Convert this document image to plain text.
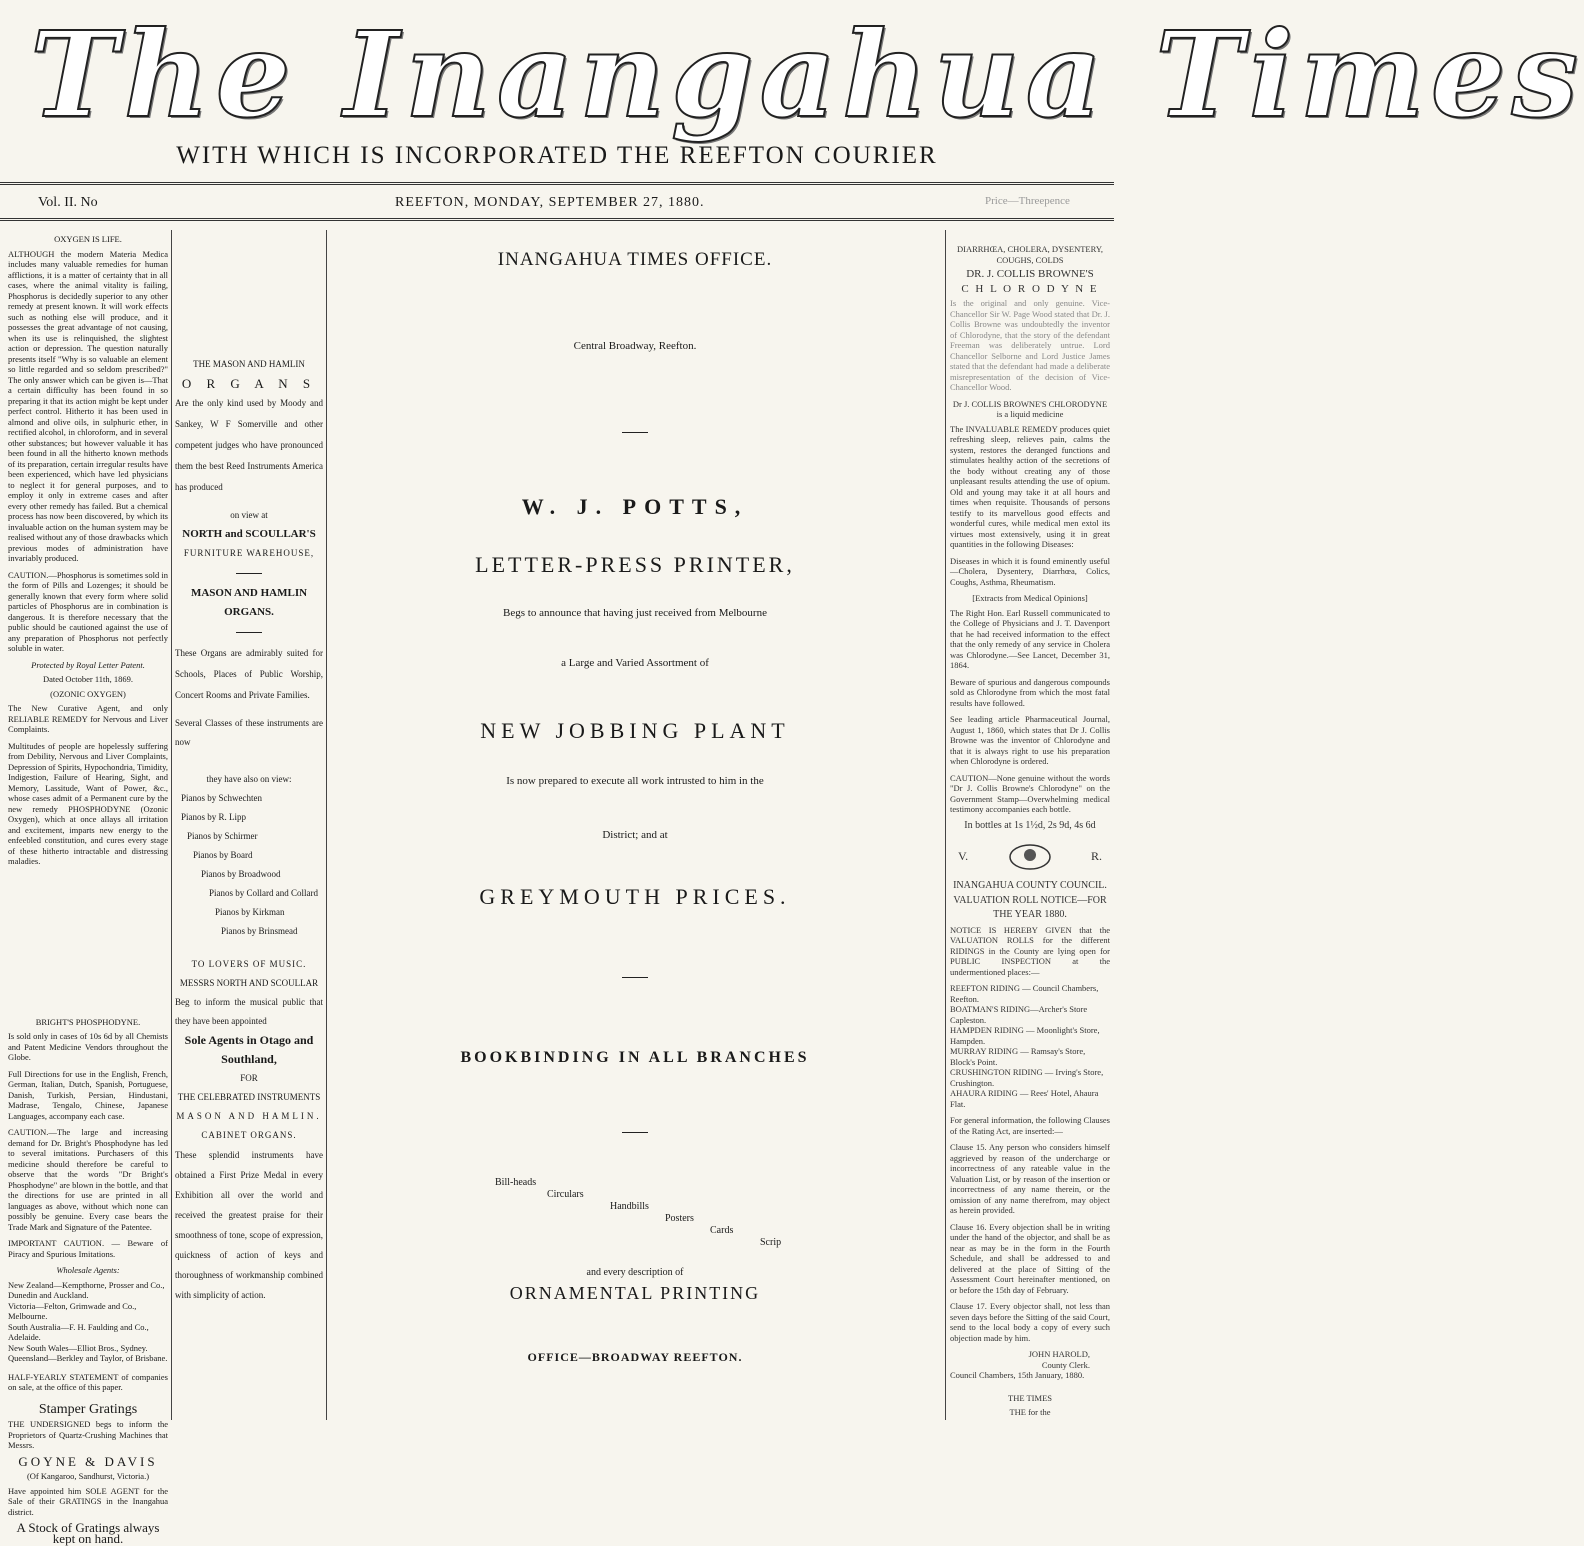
The Inangahua Times
WITH WHICH IS INCORPORATED THE REEFTON COURIER
Vol. II. No	REEFTON, MONDAY, SEPTEMBER 27, 1880.	Price—Threepence
OXYGEN IS LIFE.

ALTHOUGH the modern Materia Medica includes many valuable remedies for human afflictions, it is a matter of certainty that in all cases, where the animal vitality is failing, Phosphorus is decidedly superior to any other remedy at present known. It will work effects such as nothing else will produce, and it possesses the great advantage of not causing, when its use is relinquished, the slightest action or depression. The question naturally presents itself "Why is so valuable an element so little regarded and so seldom prescribed?" The only answer which can be given is—That a certain difficulty has been found in so preparing it that its action might be kept under perfect control. Hitherto it has been used in almond and olive oils, in sulphuric ether, in rectified alcohol, in chloroform, and in several other substances; but however valuable it has been found in all the hitherto known methods of its preparation, certain irregular results have been experienced, which have led physicians to neglect it for general purposes, and to employ it only in extreme cases and after every other remedy has failed. But a chemical process has now been discovered, by which its invaluable action on the human system may be realised without any of those drawbacks which previous modes of administration have invariably produced.

CAUTION.—Phosphorus is sometimes sold in the form of Pills and Lozenges; it should be generally known that every form where solid particles of Phosphorus are in combination is dangerous. It is therefore necessary that the public should be cautioned against the use of any preparation of Phosphorus not perfectly soluble in water.

Protected by Royal Letter Patent.
Dated October 11th, 1869.
(OZONIC OXYGEN)

The New Curative Agent, and only RELIABLE REMEDY for Nervous and Liver Complaints.

Multitudes of people are hopelessly suffering from Debility, Nervous and Liver Complaints, Depression of Spirits, Hypochondria, Timidity, Indigestion, Failure of Hearing, Sight, and Memory, Lassitude, Want of Power, &c., whose cases admit of a Permanent cure by the new remedy PHOSPHODYNE (Ozonic Oxygen), which at once allays all irritation and excitement, imparts new energy to the enfeebled constitution, and cures every stage of these hitherto intractable and distressing maladies.

BRIGHT'S PHOSPHODYNE.

Is sold only in cases of 10s 6d by all Chemists and Patent Medicine Vendors throughout the Globe.

Full Directions for use in the English, French, German, Italian, Dutch, Spanish, Portuguese, Danish, Turkish, Persian, Hindustani, Madrase, Tengalo, Chinese, Japanese Languages, accompany each case.

CAUTION.—The large and increasing demand for Dr. Bright's Phosphodyne has led to several imitations. Purchasers of this medicine should therefore be careful to observe that the words "Dr Bright's Phosphodyne" are blown in the bottle, and that the directions for use are printed in all languages as above, without which none can possibly be genuine. Every case bears the Trade Mark and Signature of the Patentee.

IMPORTANT CAUTION. — Beware of Piracy and Spurious Imitations.

Wholesale Agents:
New Zealand—Kempthorne, Prosser and Co., Dunedin and Auckland.
Victoria—Felton, Grimwade and Co., Melbourne.
South Australia—F. H. Faulding and Co., Adelaide.
New South Wales—Elliot Bros., Sydney.
Queensland—Berkley and Taylor, of Brisbane.

HALF-YEARLY STATEMENT of companies on sale, at the office of this paper.

Stamper Gratings

THE UNDERSIGNED begs to inform the Proprietors of Quartz-Crushing Machines that Messrs.

GOYNE & DAVIS
(Of Kangaroo, Sandhurst, Victoria.)

Have appointed him SOLE AGENT for the Sale of their GRATINGS in the Inangahua district.

A Stock of Gratings always kept on hand.
THE MASON AND HAMLIN
O R G A N S
Are the only kind used by Moody and Sankey, W F Somerville and other competent judges who have pronounced them the best Reed Instruments America has produced
on view at
NORTH and SCOULLAR'S
FURNITURE WAREHOUSE,
MASON AND HAMLIN
ORGANS.
These Organs are admirably suited for Schools, Places of Public Worship, Concert Rooms and Private Families.
Several Classes of these instruments are now
they have also on view:
Pianos by Schwechten
Pianos by R. Lipp
Pianos by Schirmer
Pianos by Board
Pianos by Broadwood
Pianos by Collard and Collard
Pianos by Kirkman
Pianos by Brinsmead
TO LOVERS OF MUSIC.
MESSRS NORTH AND SCOULLAR
Beg to inform the musical public that they have been appointed
Sole Agents in Otago and Southland,
FOR
THE CELEBRATED INSTRUMENTS
MASON AND HAMLIN.
CABINET ORGANS.
These splendid instruments have obtained a First Prize Medal in every Exhibition all over the world and received the greatest praise for their smoothness of tone, scope of expression, quickness of action of keys and thoroughness of workmanship combined with simplicity of action.
INANGAHUA TIMES OFFICE.
Central Broadway, Reefton.
W. J. POTTS,
LETTER-PRESS PRINTER,
Begs to announce that having just received from Melbourne
a Large and Varied Assortment of
NEW JOBBING PLANT
Is now prepared to execute all work intrusted to him in the
District; and at
GREYMOUTH PRICES.
BOOKBINDING IN ALL BRANCHES
Bill-heads
Circulars
Handbills
Posters
Cards
Scrip
and every description of
ORNAMENTAL PRINTING
OFFICE—BROADWAY REEFTON.
DIARRHŒA, CHOLERA, DYSENTERY, COUGHS, COLDS
DR. J. COLLIS BROWNE'S
C H L O R O D Y N E

Is the original and only genuine. Vice-Chancellor Sir W. Page Wood stated that Dr. J. Collis Browne was undoubtedly the inventor of Chlorodyne, that the story of the defendant Freeman was deliberately untrue. Lord Chancellor Selborne and Lord Justice James stated that the defendant had made a deliberate misrepresentation of the decision of Vice-Chancellor Wood.

Dr J. COLLIS BROWNE'S CHLORODYNE is a liquid medicine

The INVALUABLE REMEDY produces quiet refreshing sleep, relieves pain, calms the system, restores the deranged functions and stimulates healthy action of the secretions of the body without creating any of those unpleasant results attending the use of opium. Old and young may take it at all hours and times when requisite. Thousands of persons testify to its marvellous good effects and wonderful cures, while medical men extol its virtues most extensively, using it in great quantities in the following Diseases:

Diseases in which it is found eminently useful—Cholera, Dysentery, Diarrhœa, Colics, Coughs, Asthma, Rheumatism.

[Extracts from Medical Opinions]

The Right Hon. Earl Russell communicated to the College of Physicians and J. T. Davenport that he had received information to the effect that the only remedy of any service in Cholera was Chlorodyne.—See Lancet, December 31, 1864.

Beware of spurious and dangerous compounds sold as Chlorodyne from which the most fatal results have followed.

See leading article Pharmaceutical Journal, August 1, 1860, which states that Dr J. Collis Browne was the inventor of Chlorodyne and that it is always right to use his preparation when Chlorodyne is ordered.

CAUTION—None genuine without the words "Dr J. Collis Browne's Chlorodyne" on the Government Stamp—Overwhelming medical testimony accompanies each bottle.

In bottles at 1s 1½d, 2s 9d, 4s 6d
V.	R.
INANGAHUA COUNTY COUNCIL.
VALUATION ROLL NOTICE—FOR
THE YEAR 1880.

NOTICE IS HEREBY GIVEN that the VALUATION ROLLS for the different RIDINGS in the County are lying open for PUBLIC INSPECTION at the undermentioned places:—

REEFTON RIDING — Council Chambers, Reefton.
BOATMAN'S RIDING—Archer's Store Capleston.
HAMPDEN RIDING — Moonlight's Store, Hampden.
MURRAY RIDING — Ramsay's Store, Block's Point.
CRUSHINGTON RIDING — Irving's Store, Crushington.
AHAURA RIDING — Rees' Hotel, Ahaura Flat.

For general information, the following Clauses of the Rating Act, are inserted:—

Clause 15. Any person who considers himself aggrieved by reason of the undercharge or incorrectness of any rateable value in the Valuation List, or by reason of the insertion or incorrectness of any name therein, or the omission of any name therefrom, may object as herein provided.

Clause 16. Every objection shall be in writing under the hand of the objector, and shall be as near as may be in the form in the Fourth Schedule, and shall be addressed to and delivered at the place of Sitting of the Assessment Court hereinafter mentioned, on or before the 15th day of February.

Clause 17. Every objector shall, not less than seven days before the Sitting of the said Court, send to the local body a copy of every such objection made by him.

JOHN HAROLD,
County Clerk.
Council Chambers, 15th January, 1880.
THE TIMES
THE for the
